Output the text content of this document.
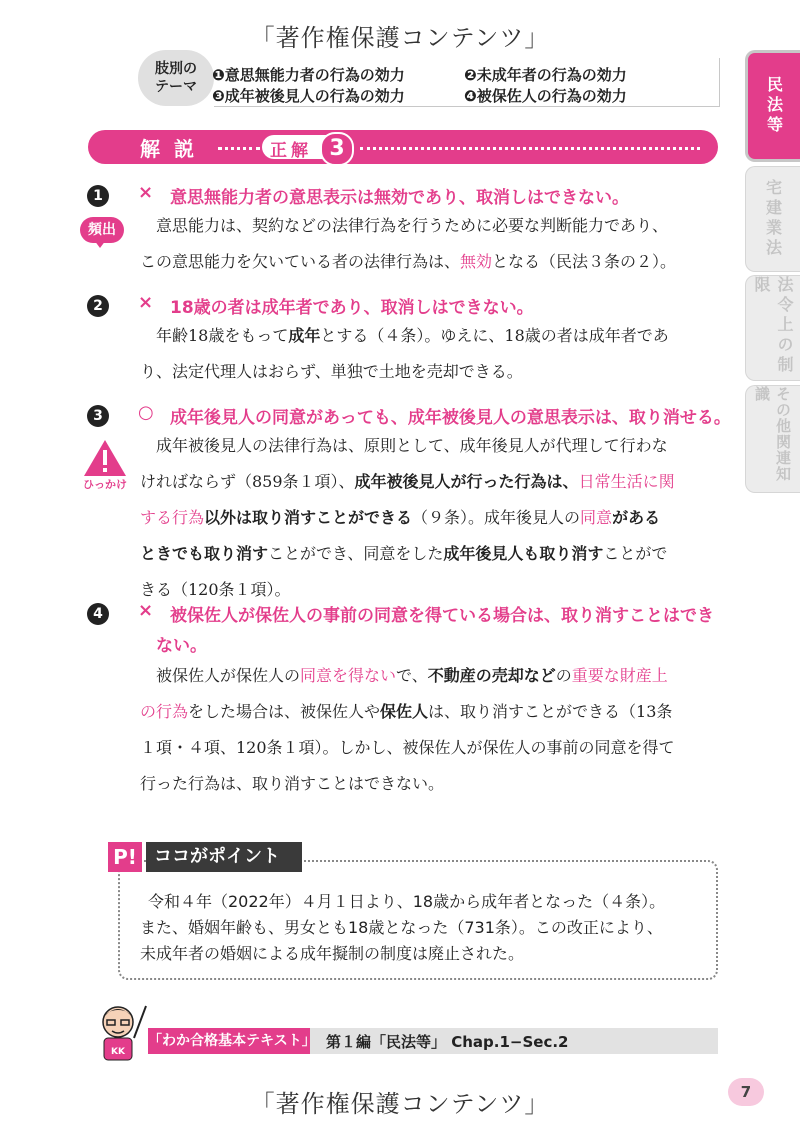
「著作権保護コンテンツ」
肢別の
テーマ
❶意思無能力者の行為の効力	❷未成年者の行為の効力
❸成年被後見人の行為の効力	❹被保佐人の行為の効力	民法等
宅建業法
法令上の制限
その他関連知識
解説	正解 3
頻出
ひっかけ
1	× 意思無能力者の意思表示は無効であり、取消しはできない。
意思能力は、契約などの法律行為を行うために必要な判断能力であり、
この意思能力を欠いている者の法律行為は、無効となる（民法３条の２）。
2	× 18歳の者は成年者であり、取消しはできない。
年齢18歳をもって成年とする（４条）。ゆえに、18歳の者は成年者であ
り、法定代理人はおらず、単独で土地を売却できる。
3	○ 成年後見人の同意があっても、成年被後見人の意思表示は、取り消せる。
成年被後見人の法律行為は、原則として、成年後見人が代理して行わな
ければならず（859条１項）、成年被後見人が行った行為は、日常生活に関
する行為以外は取り消すことができる（９条）。成年後見人の同意がある
ときでも取り消すことができ、同意をした成年後見人も取り消すことがで
きる（120条１項）。
4	× 被保佐人が保佐人の事前の同意を得ている場合は、取り消すことはでき
ない。
被保佐人が保佐人の同意を得ないで、不動産の売却などの重要な財産上
の行為をした場合は、被保佐人や保佐人は、取り消すことができる（13条
１項・４項、120条１項）。しかし、被保佐人が保佐人の事前の同意を得て
行った行為は、取り消すことはできない。
P! ココがポイント
令和４年（2022年）４月１日より、18歳から成年者となった（４条）。
また、婚姻年齢も、男女とも18歳となった（731条）。この改正により、
未成年者の婚姻による成年擬制の制度は廃止された。
「わか合格基本テキスト」 第１編「民法等」 Chap.1−Sec.2
KK
「著作権保護コンテンツ」	7
